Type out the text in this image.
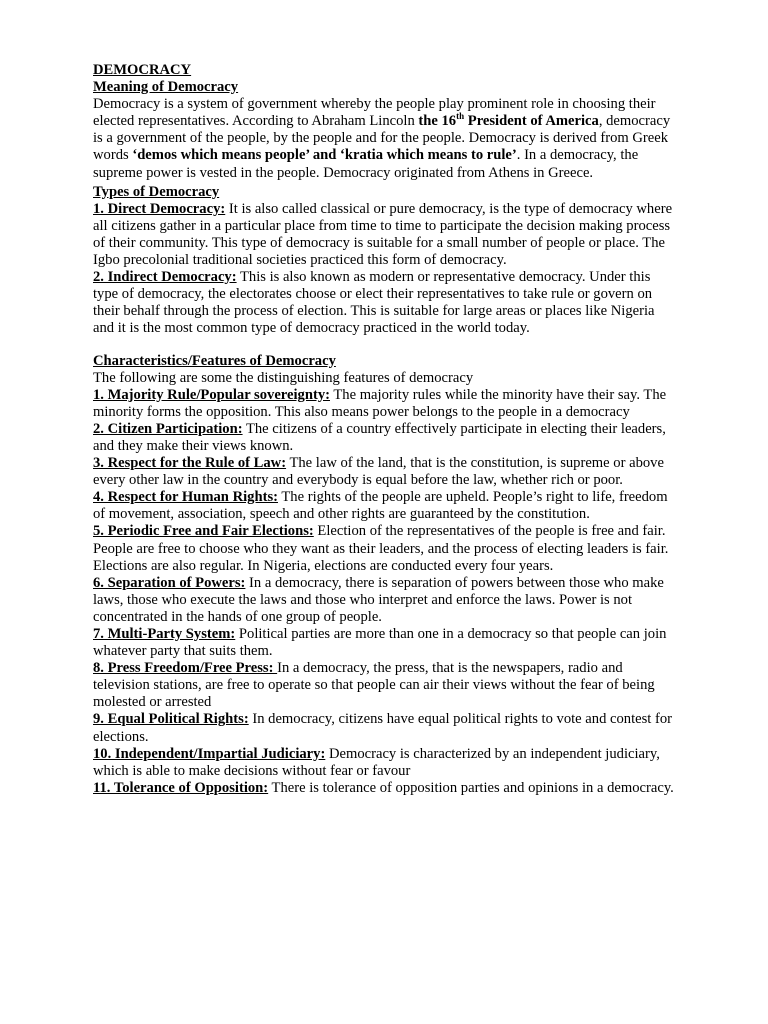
DEMOCRACY
Meaning of Democracy

Democracy is a system of government whereby the people play prominent role in choosing their elected representatives. According to Abraham Lincoln the 16th President of America, democracy is a government of the people, by the people and for the people. Democracy is derived from Greek words ‘demos which means people’ and ‘kratia which means to rule’. In a democracy, the supreme power is vested in the people. Democracy originated from Athens in Greece.

Types of Democracy

1. Direct Democracy: It is also called classical or pure democracy, is the type of democracy where all citizens gather in a particular place from time to time to participate the decision making process of their community. This type of democracy is suitable for a small number of people or place. The Igbo precolonial traditional societies practiced this form of democracy.

2. Indirect Democracy: This is also known as modern or representative democracy. Under this type of democracy, the electorates choose or elect their representatives to take rule or govern on their behalf through the process of election. This is suitable for large areas or places like Nigeria and it is the most common type of democracy practiced in the world today.

Characteristics/Features of Democracy

The following are some the distinguishing features of democracy

1. Majority Rule/Popular sovereignty: The majority rules while the minority have their say. The minority forms the opposition. This also means power belongs to the people in a democracy

2. Citizen Participation: The citizens of a country effectively participate in electing their leaders, and they make their views known.

3. Respect for the Rule of Law: The law of the land, that is the constitution, is supreme or above every other law in the country and everybody is equal before the law, whether rich or poor.

4. Respect for Human Rights: The rights of the people are upheld. People’s right to life, freedom of movement, association, speech and other rights are guaranteed by the constitution.

5. Periodic Free and Fair Elections: Election of the representatives of the people is free and fair. People are free to choose who they want as their leaders, and the process of electing leaders is fair. Elections are also regular. In Nigeria, elections are conducted every four years.

6. Separation of Powers: In a democracy, there is separation of powers between those who make laws, those who execute the laws and those who interpret and enforce the laws. Power is not concentrated in the hands of one group of people.

7. Multi-Party System: Political parties are more than one in a democracy so that people can join whatever party that suits them.

8. Press Freedom/Free Press: In a democracy, the press, that is the newspapers, radio and television stations, are free to operate so that people can air their views without the fear of being molested or arrested

9. Equal Political Rights: In democracy, citizens have equal political rights to vote and contest for elections.

10. Independent/Impartial Judiciary: Democracy is characterized by an independent judiciary, which is able to make decisions without fear or favour

11. Tolerance of Opposition: There is tolerance of opposition parties and opinions in a democracy.
